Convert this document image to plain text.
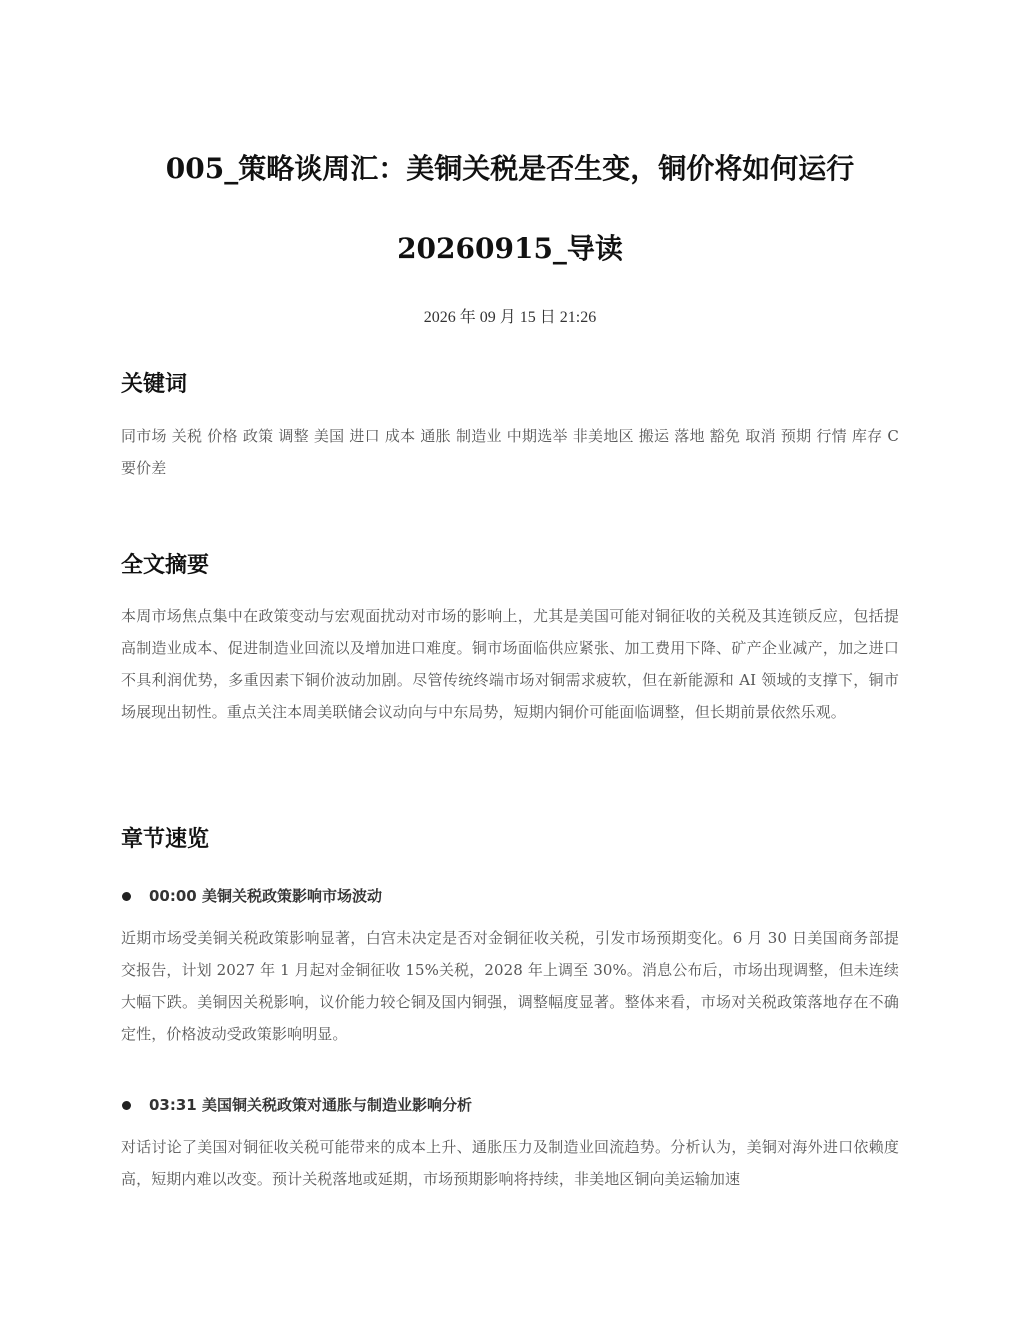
005_策略谈周汇：美铜关税是否生变，铜价将如何运行
20260915_导读
2026 年 09 月 15 日 21:26
关键词

同市场 关税 价格 政策 调整 美国 进口 成本 通胀 制造业 中期选举 非美地区 搬运 落地 豁免 取消 预期 行情 库存 C 要价差

全文摘要

本周市场焦点集中在政策变动与宏观面扰动对市场的影响上，尤其是美国可能对铜征收的关税及其连锁反应，包括提高制造业成本、促进制造业回流以及增加进口难度。铜市场面临供应紧张、加工费用下降、矿产企业减产，加之进口不具利润优势，多重因素下铜价波动加剧。尽管传统终端市场对铜需求疲软，但在新能源和 AI 领域的支撑下，铜市场展现出韧性。重点关注本周美联储会议动向与中东局势，短期内铜价可能面临调整，但长期前景依然乐观。

章节速览
00:00 美铜关税政策影响市场波动

近期市场受美铜关税政策影响显著，白宫未决定是否对金铜征收关税，引发市场预期变化。6 月 30 日美国商务部提交报告，计划 2027 年 1 月起对金铜征收 15%关税，2028 年上调至 30%。消息公布后，市场出现调整，但未连续大幅下跌。美铜因关税影响，议价能力较仑铜及国内铜强，调整幅度显著。整体来看，市场对关税政策落地存在不确定性，价格波动受政策影响明显。

03:31 美国铜关税政策对通胀与制造业影响分析

对话讨论了美国对铜征收关税可能带来的成本上升、通胀压力及制造业回流趋势。分析认为，美铜对海外进口依赖度高，短期内难以改变。预计关税落地或延期，市场预期影响将持续，非美地区铜向美运输加速
